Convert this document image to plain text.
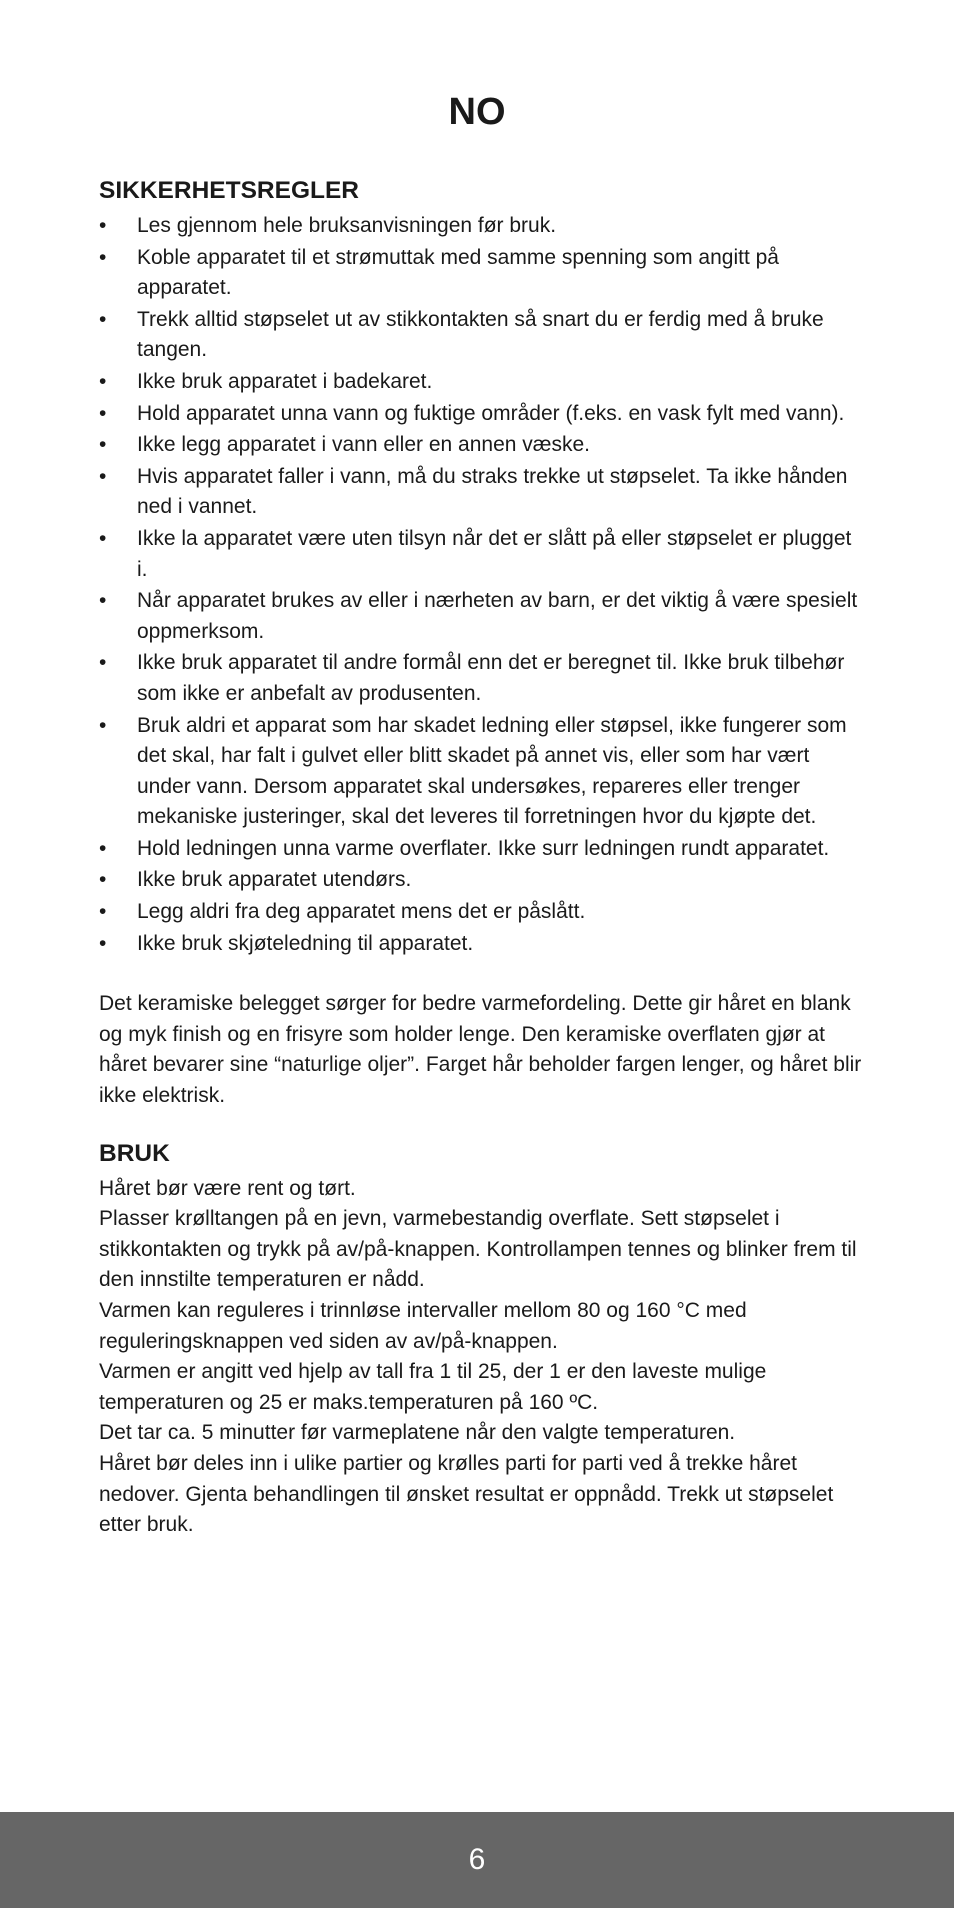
NO
SIKKERHETSREGLER
• Les gjennom hele bruksanvisningen før bruk.
• Koble apparatet til et strømuttak med samme spenning som angitt på apparatet.
• Trekk alltid støpselet ut av stikkontakten så snart du er ferdig med å bruke tangen.
• Ikke bruk apparatet i badekaret.
• Hold apparatet unna vann og fuktige områder (f.eks. en vask fylt med vann).
• Ikke legg apparatet i vann eller en annen væske.
• Hvis apparatet faller i vann, må du straks trekke ut støpselet. Ta ikke hånden ned i vannet.
• Ikke la apparatet være uten tilsyn når det er slått på eller støpselet er plugget i.
• Når apparatet brukes av eller i nærheten av barn, er det viktig å være spesielt oppmerksom.
• Ikke bruk apparatet til andre formål enn det er beregnet til. Ikke bruk tilbehør som ikke er anbefalt av produsenten.
• Bruk aldri et apparat som har skadet ledning eller støpsel, ikke fungerer som det skal, har falt i gulvet eller blitt skadet på annet vis, eller som har vært under vann. Dersom apparatet skal undersøkes, repareres eller trenger mekaniske justeringer, skal det leveres til forretningen hvor du kjøpte det.
• Hold ledningen unna varme overflater. Ikke surr ledningen rundt apparatet.
• Ikke bruk apparatet utendørs.
• Legg aldri fra deg apparatet mens det er påslått.
• Ikke bruk skjøteledning til apparatet.

Det keramiske belegget sørger for bedre varmefordeling. Dette gir håret en blank og myk finish og en frisyre som holder lenge. Den keramiske overflaten gjør at håret bevarer sine “naturlige oljer”. Farget hår beholder fargen lenger, og håret blir ikke elektrisk.

BRUK

Håret bør være rent og tørt.

Plasser krølltangen på en jevn, varmebestandig overflate. Sett støpselet i stikkontakten og trykk på av/på-knappen. Kontrollampen tennes og blinker frem til den innstilte temperaturen er nådd.

Varmen kan reguleres i trinnløse intervaller mellom 80 og 160 °C med reguleringsknappen ved siden av av/på-knappen.

Varmen er angitt ved hjelp av tall fra 1 til 25, der 1 er den laveste mulige temperaturen og 25 er maks.temperaturen på 160 ºC.

Det tar ca. 5 minutter før varmeplatene når den valgte temperaturen.

Håret bør deles inn i ulike partier og krølles parti for parti ved å trekke håret nedover. Gjenta behandlingen til ønsket resultat er oppnådd. Trekk ut støpselet etter bruk.

6
